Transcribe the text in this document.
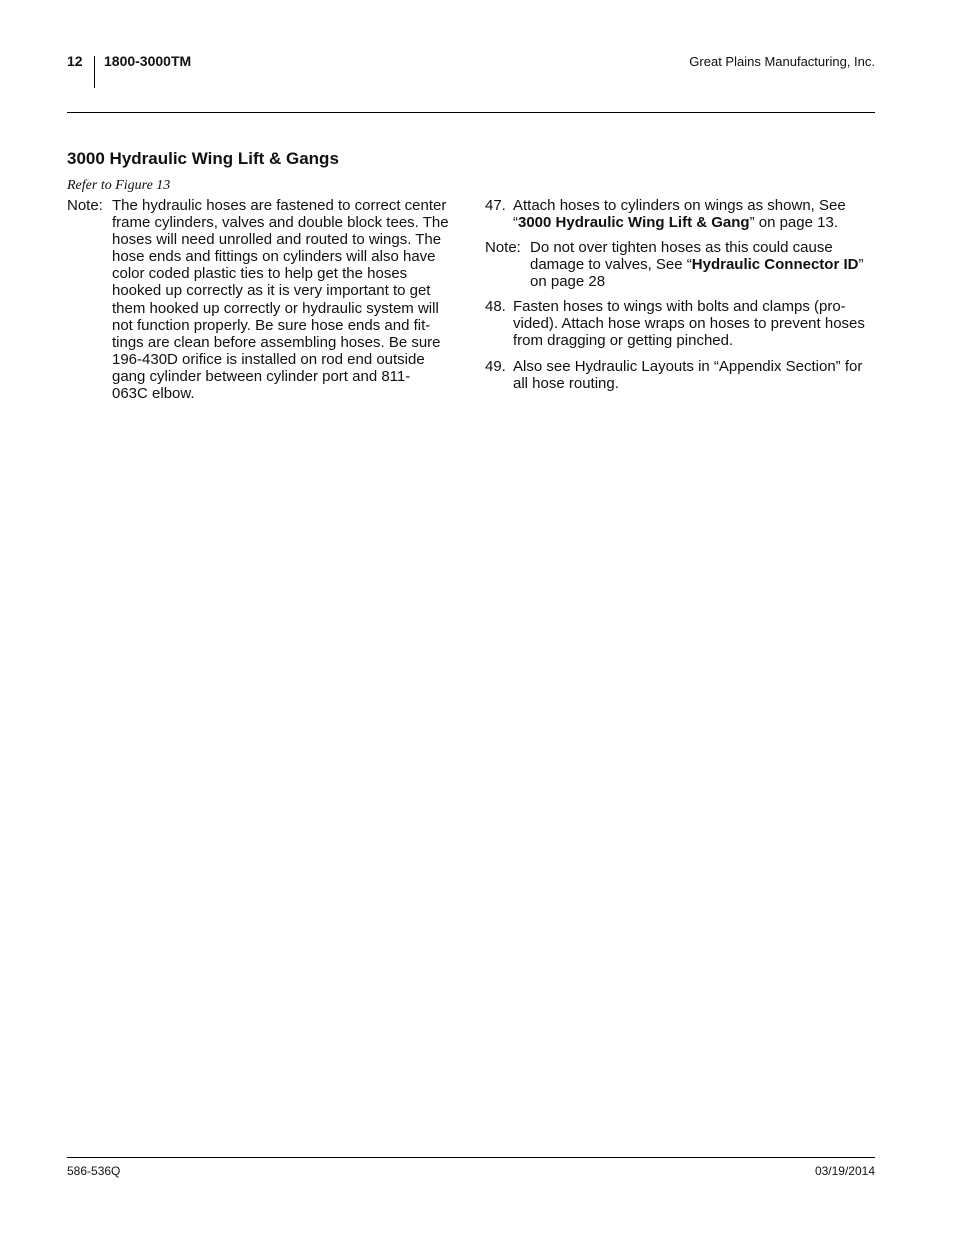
12 1800-3000TM	Great Plains Manufacturing, Inc.
3000 Hydraulic Wing Lift & Gangs
Refer to Figure 13
Note: The hydraulic hoses are fastened to correct center
frame cylinders, valves and double block tees. The
hoses will need unrolled and routed to wings. The
hose ends and fittings on cylinders will also have
color coded plastic ties to help get the hoses
hooked up correctly as it is very important to get
them hooked up correctly or hydraulic system will
not function properly. Be sure hose ends and fit-
tings are clean before assembling hoses. Be sure
196-430D orifice is installed on rod end outside
gang cylinder between cylinder port and 811-
063C elbow.
47. Attach hoses to cylinders on wings as shown, See
“3000 Hydraulic Wing Lift & Gang” on page 13.
Note: Do not over tighten hoses as this could cause
damage to valves, See “Hydraulic Connector ID”
on page 28
48. Fasten hoses to wings with bolts and clamps (pro-
vided). Attach hose wraps on hoses to prevent hoses
from dragging or getting pinched.
49. Also see Hydraulic Layouts in “Appendix Section” for
all hose routing.
586-536Q	03/19/2014
